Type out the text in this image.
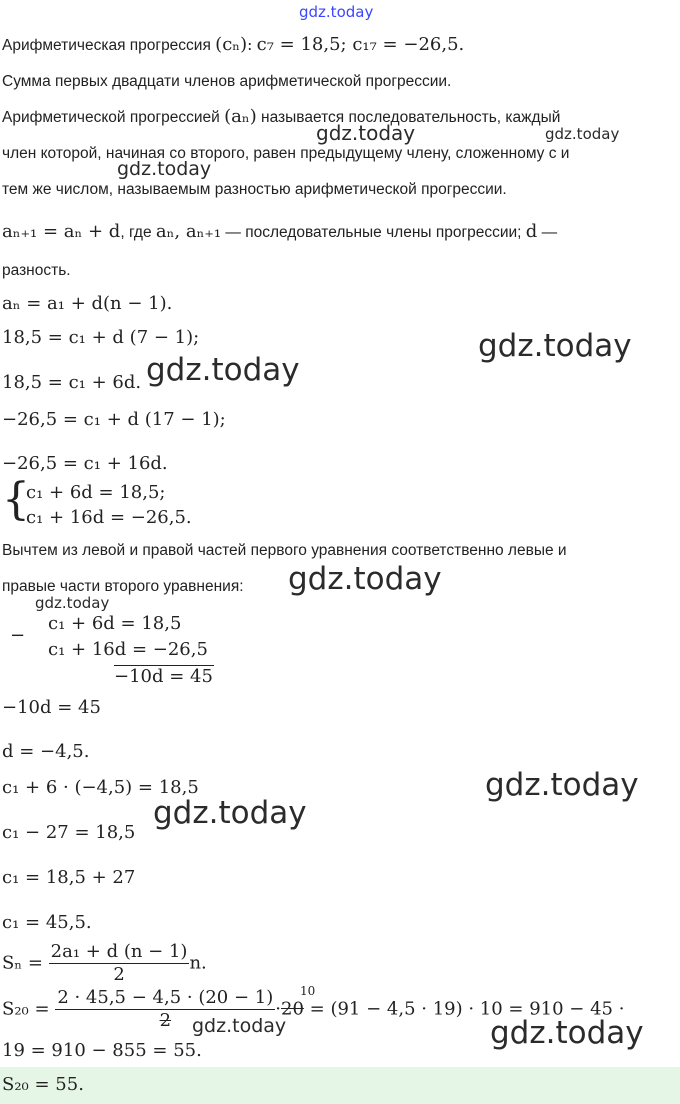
gdz.today
Арифметическая прогрессия (cₙ): c₇ = 18,5; c₁₇ = −26,5.
Сумма первых двадцати членов арифметической прогрессии.
Арифметической прогрессией (aₙ) называется последовательность, каждый
член которой, начиная со второго, равен предыдущему члену, сложенному с и
тем же числом, называемым разностью арифметической прогрессии.
gdz.today	gdz.today
gdz.today
aₙ₊₁ = aₙ + d, где aₙ, aₙ₊₁ — последовательные члены прогрессии; d —
разность.
aₙ = a₁ + d(n − 1).
18,5 = c₁ + d (7 − 1);
18,5 = c₁ + 6d.
−26,5 = c₁ + d (17 − 1);
−26,5 = c₁ + 16d.
gdz.today
gdz.today
{
c₁ + 6d = 18,5;
c₁ + 16d = −26,5.
Вычтем из левой и правой частей первого уравнения соответственно левые и
правые части второго уравнения: gdz.today
gdz.today
−
c₁ + 6d = 18,5
c₁ + 16d = −26,5
−10d = 45
−10d = 45
d = −4,5.
c₁ + 6 · (−4,5) = 18,5
c₁ − 27 = 18,5
c₁ = 18,5 + 27
c₁ = 45,5.
gdz.today
gdz.today
$S_n = \frac{\text{2a₁ + d (n − 1)}}{2} n$.
$S_{20} = \frac{2 \cdot 45,5 - 4,5 \cdot (20 - 1)}{2} \cdot 20 = (91 - 4,5 \cdot 19) \cdot 10 = 910 - 45$ ·
10
19 = 910 − 855 = 55.
gdz.today	gdz.today
S₂₀ = 55.
